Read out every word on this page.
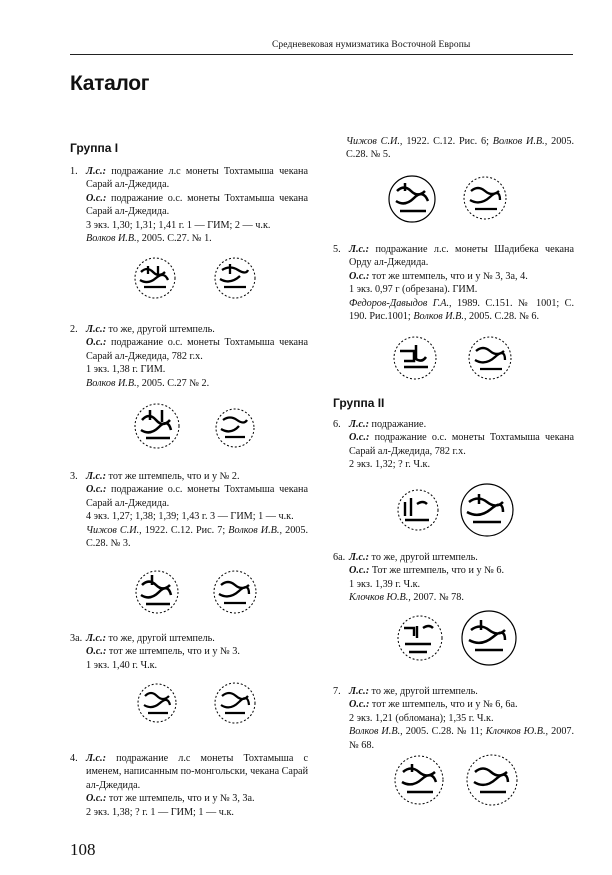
Средневековая нумизматика Восточной Европы
Каталог
Группа I
1. Л.с.: подражание л.с монеты Тохтамыша чекана Сарай ал-Джедида.
О.с.: подражание о.с. монеты Тохтамыша чекана Сарай ал-Джедида.
3 экз. 1,30; 1,31; 1,41 г. 1 — ГИМ; 2 — ч.к.
Волков И.В., 2005. С.27. № 1.
2. Л.с.: то же, другой штемпель.
О.с.: подражание о.с. монеты Тохтамыша чекана Сарай ал-Джедида, 782 г.х.
1 экз. 1,38 г. ГИМ.
Волков И.В., 2005. С.27 № 2.
3. Л.с.: тот же штемпель, что и у № 2.
О.с.: подражание о.с. монеты Тохтамыша чекана Сарай ал-Джедида.
4 экз. 1,27; 1,38; 1,39; 1,43 г. 3 — ГИМ; 1 — ч.к.
Чижов С.И., 1922. С.12. Рис. 7; Волков И.В., 2005. С.28. № 3.
3а. Л.с.: то же, другой штемпель.
О.с.: тот же штемпель, что и у № 3.
1 экз. 1,40 г. Ч.к.
4. Л.с.: подражание л.с монеты Тохтамыша с именем, написанным по-монгольски, чекана Сарай ал-Джедида.
О.с.: тот же штемпель, что и у № 3, 3а.
2 экз. 1,38; ? г. 1 — ГИМ; 1 — ч.к.
Чижов С.И., 1922. С.12. Рис. 6; Волков И.В., 2005. С.28. № 5.
5. Л.с.: подражание л.с. монеты Шадибека чекана Орду ал-Джедида.
О.с.: тот же штемпель, что и у № 3, 3а, 4.
1 экз. 0,97 г (обрезана). ГИМ.
Федоров-Давыдов Г.А., 1989. С.151. № 1001; С. 190. Рис.1001; Волков И.В., 2005. С.28. № 6.
Группа II
6. Л.с.: подражание.
О.с.: подражание о.с. монеты Тохтамыша чекана Сарай ал-Джедида, 782 г.х.
2 экз. 1,32; ? г. Ч.к.
6а. Л.с.: то же, другой штемпель.
О.с.: Тот же штемпель, что и у № 6.
1 экз. 1,39 г. Ч.к.
Клочков Ю.В., 2007. № 78.
7. Л.с.: то же, другой штемпель.
О.с.: тот же штемпель, что и у № 6, 6а.
2 экз. 1,21 (обломана); 1,35 г. Ч.к.
Волков И.В., 2005. С.28. № 11; Клочков Ю.В., 2007. № 68.
108
